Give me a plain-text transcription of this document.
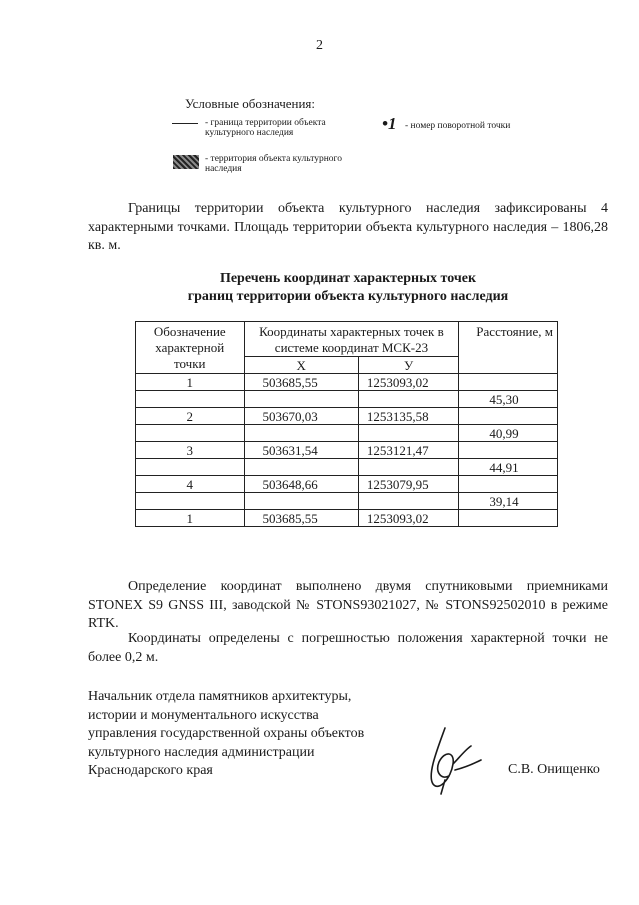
2
Условные обозначения:
- граница территории объекта культурного наследия	•1 - номер поворотной точки
- территория объекта культурного наследия
Границы территории объекта культурного наследия зафиксированы 4 характерными точками. Площадь территории объекта культурного наследия – 1806,28 кв. м.
Перечень координат характерных точек
границ территории объекта культурного наследия
Обозначение характерной точки	Координаты характерных точек в системе координат МСК-23		Расстояние, м
	Х	У	
1	503685,55	1253093,02	
			45,30
2	503670,03	1253135,58	
			40,99
3	503631,54	1253121,47	
			44,91
4	503648,66	1253079,95	
			39,14
1	503685,55	1253093,02	
Определение координат выполнено двумя спутниковыми приемниками STONEX S9 GNSS III, заводской № STONS93021027, № STONS92502010 в режиме RTK.
Координаты определены с погрешностью положения характерной точки не более 0,2 м.
Начальник отдела памятников архитектуры,
истории и монументального искусства
управления государственной охраны объектов
культурного наследия администрации
Краснодарского края	С.В. Онищенко
